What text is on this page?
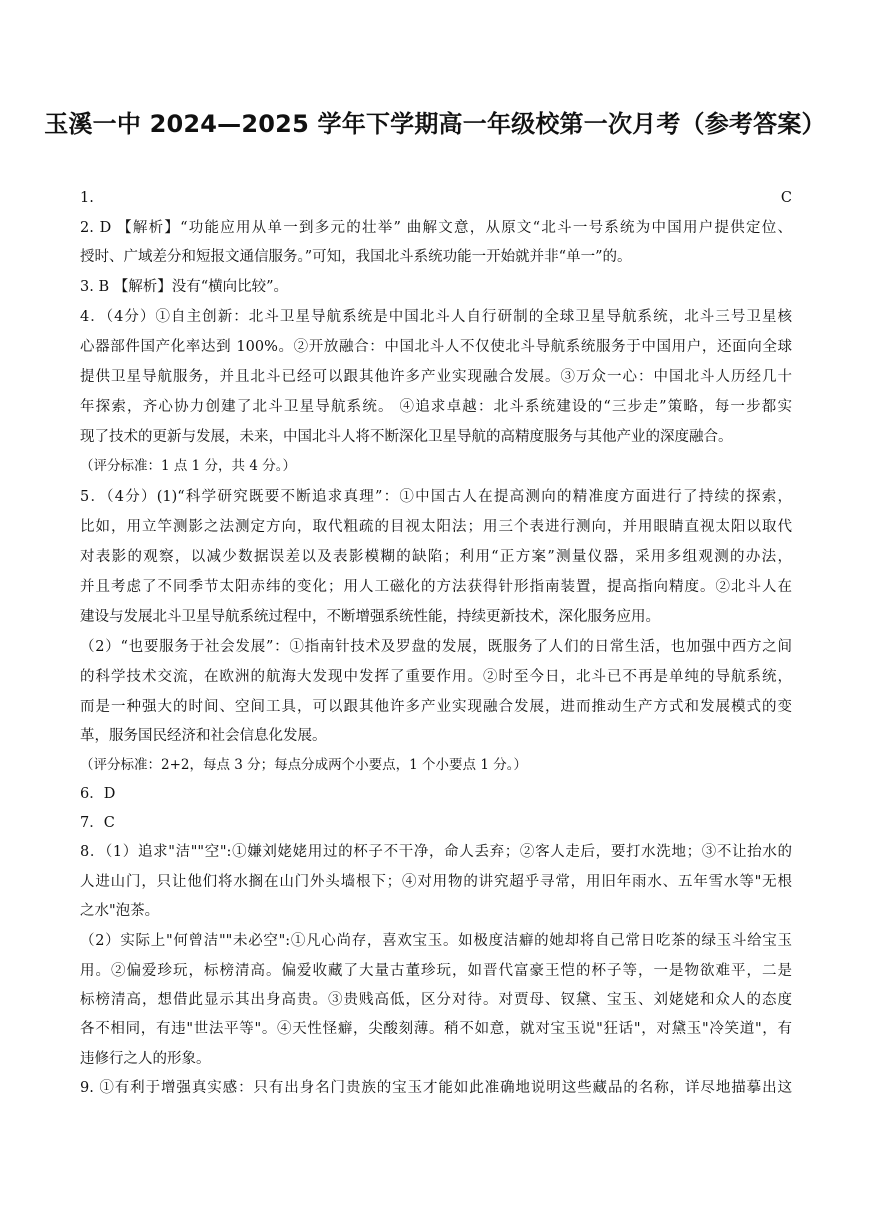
玉溪一中 2024—2025 学年下学期高一年级校第一次月考（参考答案）
1. C
2. D 【解析】“功能应用从单一到多元的壮举” 曲解文意，从原文“北斗一号系统为中国用户提供定位、
授时、广域差分和短报文通信服务。”可知，我国北斗系统功能一开始就并非“单一”的。
3. B 【解析】没有“横向比较”。
4．（4分）①自主创新：北斗卫星导航系统是中国北斗人自行研制的全球卫星导航系统，北斗三号卫星核
心器部件国产化率达到 100%。②开放融合：中国北斗人不仅使北斗导航系统服务于中国用户，还面向全球
提供卫星导航服务，并且北斗已经可以跟其他许多产业实现融合发展。③万众一心：中国北斗人历经几十
年探索，齐心协力创建了北斗卫星导航系统。 ④追求卓越：北斗系统建设的“三步走”策略，每一步都实
现了技术的更新与发展，未来，中国北斗人将不断深化卫星导航的高精度服务与其他产业的深度融合。
（评分标准：1 点 1 分，共 4 分。）
5．（4分）(1)“科学研究既要不断追求真理”：①中国古人在提高测向的精准度方面进行了持续的探索，
比如，用立竿测影之法测定方向，取代粗疏的目视太阳法；用三个表进行测向，并用眼睛直视太阳以取代
对表影的观察，以减少数据误差以及表影模糊的缺陷；利用“正方案”测量仪器，采用多组观测的办法，
并且考虑了不同季节太阳赤纬的变化；用人工磁化的方法获得针形指南装置，提高指向精度。②北斗人在
建设与发展北斗卫星导航系统过程中，不断增强系统性能，持续更新技术，深化服务应用。
（2）“也要服务于社会发展”：①指南针技术及罗盘的发展，既服务了人们的日常生活，也加强中西方之间
的科学技术交流，在欧洲的航海大发现中发挥了重要作用。②时至今日，北斗已不再是单纯的导航系统，
而是一种强大的时间、空间工具，可以跟其他许多产业实现融合发展，进而推动生产方式和发展模式的变
革，服务国民经济和社会信息化发展。
（评分标准：2+2，每点 3 分；每点分成两个小要点，1 个小要点 1 分。）
6．D
7．C
8．（1）追求"洁""空":①嫌刘姥姥用过的杯子不干净，命人丢弃；②客人走后，要打水洗地；③不让抬水的
人进山门，只让他们将水搁在山门外头墙根下；④对用物的讲究超乎寻常，用旧年雨水、五年雪水等"无根
之水"泡茶。
（2）实际上"何曾洁""未必空":①凡心尚存，喜欢宝玉。如极度洁癖的她却将自己常日吃茶的绿玉斗给宝玉
用。②偏爱珍玩，标榜清高。偏爱收藏了大量古董珍玩，如晋代富豪王恺的杯子等，一是物欲难平，二是
标榜清高，想借此显示其出身高贵。③贵贱高低，区分对待。对贾母、钗黛、宝玉、刘姥姥和众人的态度
各不相同，有违"世法平等"。④天性怪癖，尖酸刻薄。稍不如意，就对宝玉说"狂话"，对黛玉"冷笑道"，有
违修行之人的形象。
9. ①有利于增强真实感：只有出身名门贵族的宝玉才能如此准确地说明这些藏品的名称，详尽地描摹出这
